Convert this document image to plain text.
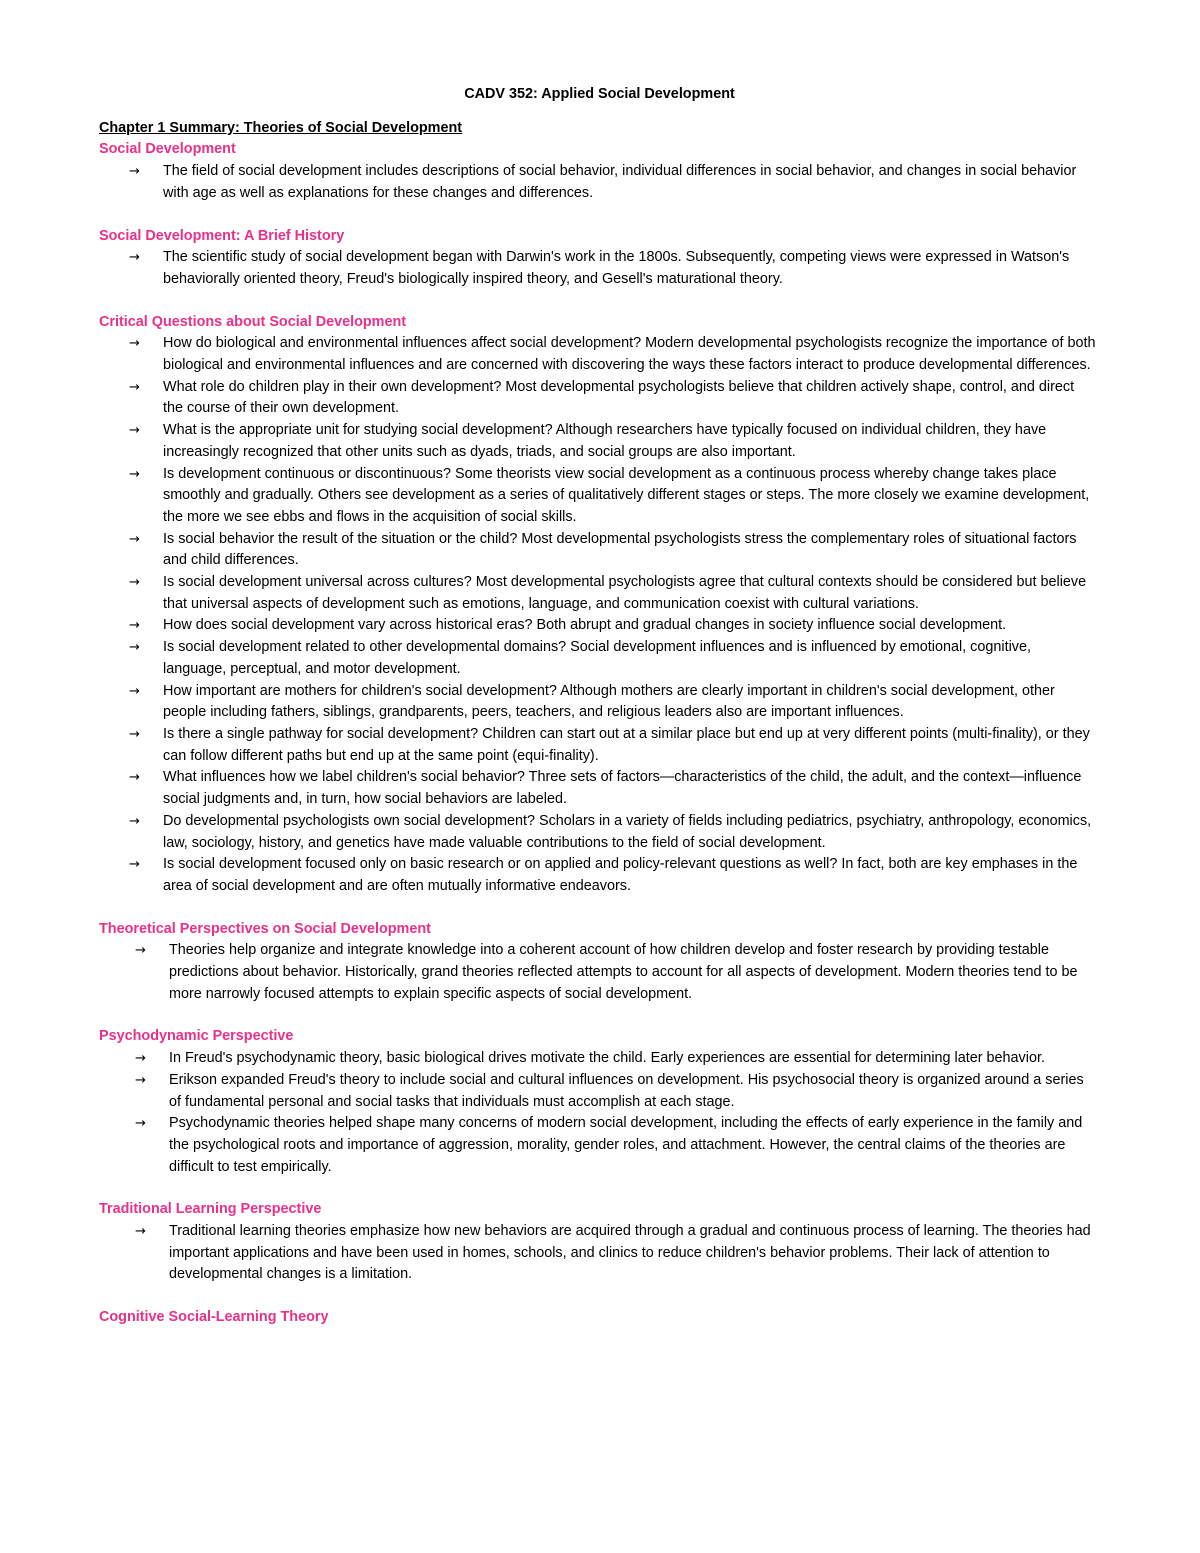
CADV 352: Applied Social Development

Chapter 1 Summary: Theories of Social Development

Social Development

→ The field of social development includes descriptions of social behavior, individual differences in social behavior, and changes in social behavior with age as well as explanations for these changes and differences.

Social Development: A Brief History

→ The scientific study of social development began with Darwin's work in the 1800s. Subsequently, competing views were expressed in Watson's behaviorally oriented theory, Freud's biologically inspired theory, and Gesell's maturational theory.

Critical Questions about Social Development

→ How do biological and environmental influences affect social development? Modern developmental psychologists recognize the importance of both biological and environmental influences and are concerned with discovering the ways these factors interact to produce developmental differences.
→ What role do children play in their own development? Most developmental psychologists believe that children actively shape, control, and direct the course of their own development.
→ What is the appropriate unit for studying social development? Although researchers have typically focused on individual children, they have increasingly recognized that other units such as dyads, triads, and social groups are also important.
→ Is development continuous or discontinuous? Some theorists view social development as a continuous process whereby change takes place smoothly and gradually. Others see development as a series of qualitatively different stages or steps. The more closely we examine development, the more we see ebbs and flows in the acquisition of social skills.
→ Is social behavior the result of the situation or the child? Most developmental psychologists stress the complementary roles of situational factors and child differences.
→ Is social development universal across cultures? Most developmental psychologists agree that cultural contexts should be considered but believe that universal aspects of development such as emotions, language, and communication coexist with cultural variations.
→ How does social development vary across historical eras? Both abrupt and gradual changes in society influence social development.
→ Is social development related to other developmental domains? Social development influences and is influenced by emotional, cognitive, language, perceptual, and motor development.
→ How important are mothers for children's social development? Although mothers are clearly important in children's social development, other people including fathers, siblings, grandparents, peers, teachers, and religious leaders also are important influences.
→ Is there a single pathway for social development? Children can start out at a similar place but end up at very different points (multi-finality), or they can follow different paths but end up at the same point (equi-finality).
→ What influences how we label children's social behavior? Three sets of factors—characteristics of the child, the adult, and the context—influence social judgments and, in turn, how social behaviors are labeled.
→ Do developmental psychologists own social development? Scholars in a variety of fields including pediatrics, psychiatry, anthropology, economics, law, sociology, history, and genetics have made valuable contributions to the field of social development.
→ Is social development focused only on basic research or on applied and policy-relevant questions as well? In fact, both are key emphases in the area of social development and are often mutually informative endeavors.

Theoretical Perspectives on Social Development

→ Theories help organize and integrate knowledge into a coherent account of how children develop and foster research by providing testable predictions about behavior. Historically, grand theories reflected attempts to account for all aspects of development. Modern theories tend to be more narrowly focused attempts to explain specific aspects of social development.

Psychodynamic Perspective

→ In Freud's psychodynamic theory, basic biological drives motivate the child. Early experiences are essential for determining later behavior.
→ Erikson expanded Freud's theory to include social and cultural influences on development. His psychosocial theory is organized around a series of fundamental personal and social tasks that individuals must accomplish at each stage.
→ Psychodynamic theories helped shape many concerns of modern social development, including the effects of early experience in the family and the psychological roots and importance of aggression, morality, gender roles, and attachment. However, the central claims of the theories are difficult to test empirically.

Traditional Learning Perspective

→ Traditional learning theories emphasize how new behaviors are acquired through a gradual and continuous process of learning. The theories had important applications and have been used in homes, schools, and clinics to reduce children's behavior problems. Their lack of attention to developmental changes is a limitation.

Cognitive Social-Learning Theory
